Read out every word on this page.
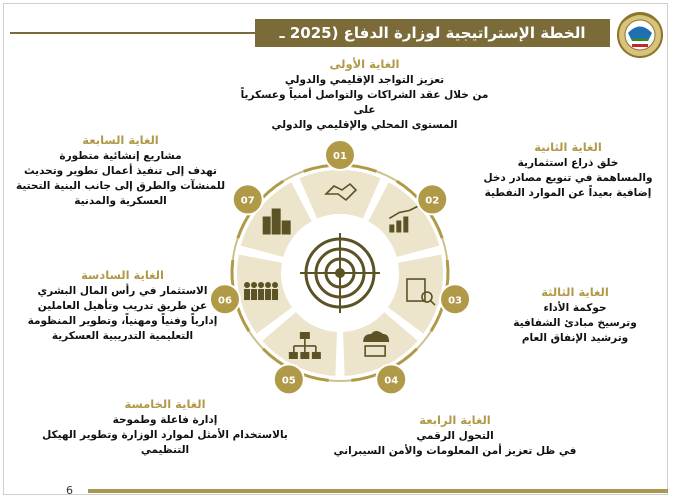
الخطة الإستراتيجية لوزارة الدفاع (2025 ـ 2030)
01
02
03
04
05
06
07
الغاية الأولى
تعزيز التواجد الإقليمي والدولي
من خلال عقد الشراكات والتواصل أمنياً وعسكرياً على
المستوى المحلي والإقليمي والدولي
الغاية الثانية
خلق ذراع استثمارية
والمساهمة في تنويع مصادر دخل
إضافية بعيداً عن الموارد النفطية
الغاية الثالثة
حوكمة الأداء
وترسيخ مبادئ الشفافية
وترشيد الإنفاق العام
الغاية الرابعة
التحول الرقمي
في ظل تعزيز أمن المعلومات والأمن السيبراني
الغاية الخامسة
إدارة فاعلة وطموحة
بالاستخدام الأمثل لموارد الوزارة وتطوير الهيكل التنظيمي
الغاية السادسة
الاستثمار في رأس المال البشري
عن طريق تدريب وتأهيل العاملين
إدارياً وفنياً ومهنياً، وتطوير المنظومة
التعليمية التدريبية العسكرية
الغاية السابعة
مشاريع إنشائية متطورة
تهدف إلى تنفيذ أعمال تطوير وتحديث
للمنشآت والطرق إلى جانب البنية التحتية
العسكرية والمدنية
6
